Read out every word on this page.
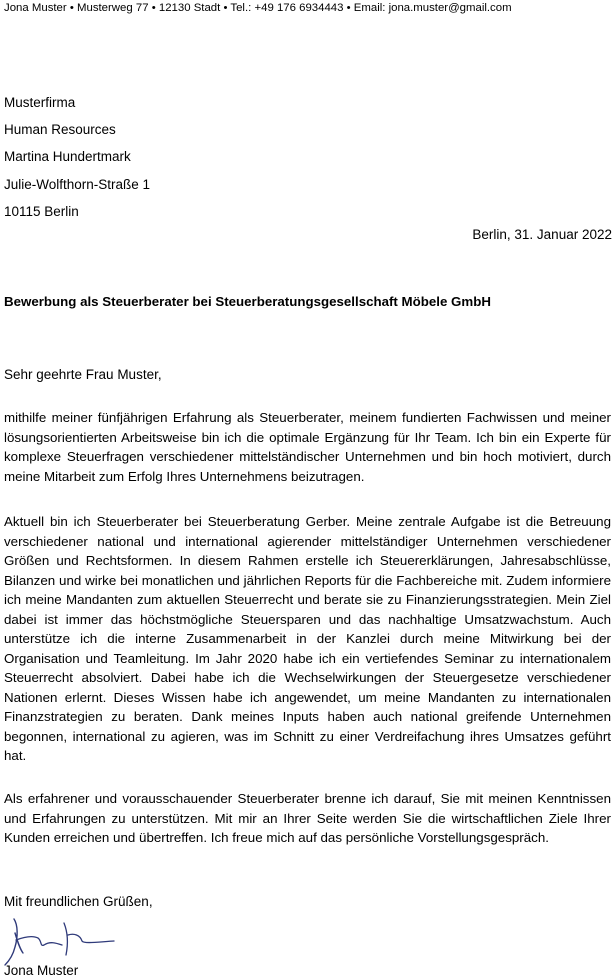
Jona Muster • Musterweg 77 • 12130 Stadt • Tel.: +49 176 6934443 • Email: jona.muster@gmail.com
Musterfirma
Human Resources
Martina Hundertmark
Julie-Wolfthorn-Straße 1
10115 Berlin
Berlin, 31. Januar 2022
Bewerbung als Steuerberater bei Steuerberatungsgesellschaft Möbele GmbH
Sehr geehrte Frau Muster,
mithilfe meiner fünfjährigen Erfahrung als Steuerberater, meinem fundierten Fachwissen und meiner lösungsorientierten Arbeitsweise bin ich die optimale Ergänzung für Ihr Team. Ich bin ein Experte für komplexe Steuerfragen verschiedener mittelständischer Unternehmen und bin hoch motiviert, durch meine Mitarbeit zum Erfolg Ihres Unternehmens beizutragen.
Aktuell bin ich Steuerberater bei Steuerberatung Gerber. Meine zentrale Aufgabe ist die Betreuung verschiedener national und international agierender mittelständiger Unternehmen verschiedener Größen und Rechtsformen. In diesem Rahmen erstelle ich Steuererklärungen, Jahresabschlüsse, Bilanzen und wirke bei monatlichen und jährlichen Reports für die Fachbereiche mit. Zudem informiere ich meine Mandanten zum aktuellen Steuerrecht und berate sie zu Finanzierungsstrategien. Mein Ziel dabei ist immer das höchstmögliche Steuersparen und das nachhaltige Umsatzwachstum. Auch unterstütze ich die interne Zusammenarbeit in der Kanzlei durch meine Mitwirkung bei der Organisation und Teamleitung. Im Jahr 2020 habe ich ein vertiefendes Seminar zu internationalem Steuerrecht absolviert. Dabei habe ich die Wechselwirkungen der Steuergesetze verschiedener Nationen erlernt. Dieses Wissen habe ich angewendet, um meine Mandanten zu internationalen Finanzstrategien zu beraten. Dank meines Inputs haben auch national greifende Unternehmen begonnen, international zu agieren, was im Schnitt zu einer Verdreifachung ihres Umsatzes geführt hat.
Als erfahrener und vorausschauender Steuerberater brenne ich darauf, Sie mit meinen Kenntnissen und Erfahrungen zu unterstützen. Mit mir an Ihrer Seite werden Sie die wirtschaftlichen Ziele Ihrer Kunden erreichen und übertreffen. Ich freue mich auf das persönliche Vorstellungsgespräch.
Mit freundlichen Grüßen,
Jona Muster
